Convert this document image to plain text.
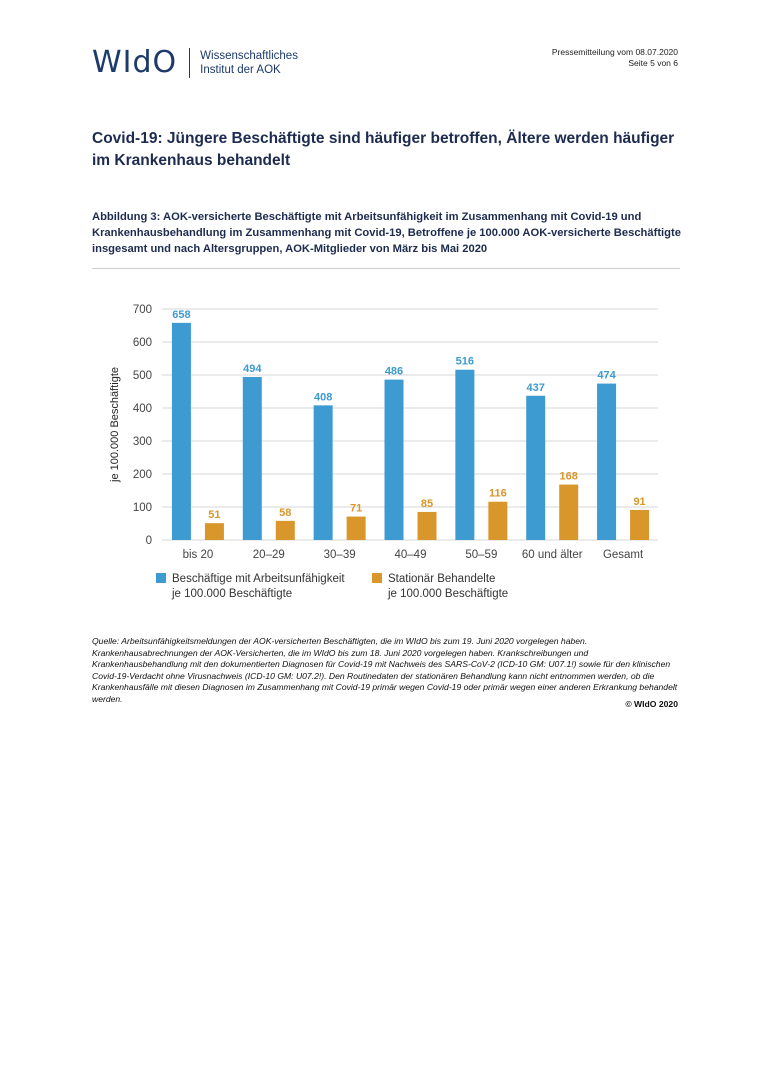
WIdO Wissenschaftliches
Institut der AOK
Pressemitteilung vom 08.07.2020
Seite 5 von 6
Covid-19: Jüngere Beschäftigte sind häufiger betroffen, Ältere werden häufiger im Krankenhaus behandelt
Abbildung 3: AOK-versicherte Beschäftigte mit Arbeitsunfähigkeit im Zusammenhang mit Covid-19 und Krankenhausbehandlung im Zusammenhang mit Covid-19, Betroffene je 100.000 AOK-versicherte Beschäftigte insgesamt und nach Altersgruppen, AOK-Mitglieder von März bis Mai 2020
0
100
200
300
400
500
600
700
je 100.000 Beschäftigte
658
51
bis 20
494
58
20–29
408
71
30–39
486
85
40–49
516
116
50–59
437
168
60 und älter
474
91
Gesamt
Beschäftige mit Arbeitsunfähigkeit
je 100.000 Beschäftigte
Stationär Behandelte
je 100.000 Beschäftigte
Quelle: Arbeitsunfähigkeitsmeldungen der AOK-versicherten Beschäftigten, die im WIdO bis zum 19. Juni 2020 vorgelegen haben. Krankenhausabrechnungen der AOK-Versicherten, die im WIdO bis zum 18. Juni 2020 vorgelegen haben. Krankschreibungen und Krankenhausbehandlung mit den dokumentierten Diagnosen für Covid-19 mit Nachweis des SARS-CoV-2 (ICD-10 GM: U07.1!) sowie für den klinischen Covid-19-Verdacht ohne Virusnachweis (ICD-10 GM: U07.2!). Den Routinedaten der stationären Behandlung kann nicht entnommen werden, ob die Krankenhausfälle mit diesen Diagnosen im Zusammenhang mit Covid-19 primär wegen Covid-19 oder primär wegen einer anderen Erkrankung behandelt werden.
© WIdO 2020
